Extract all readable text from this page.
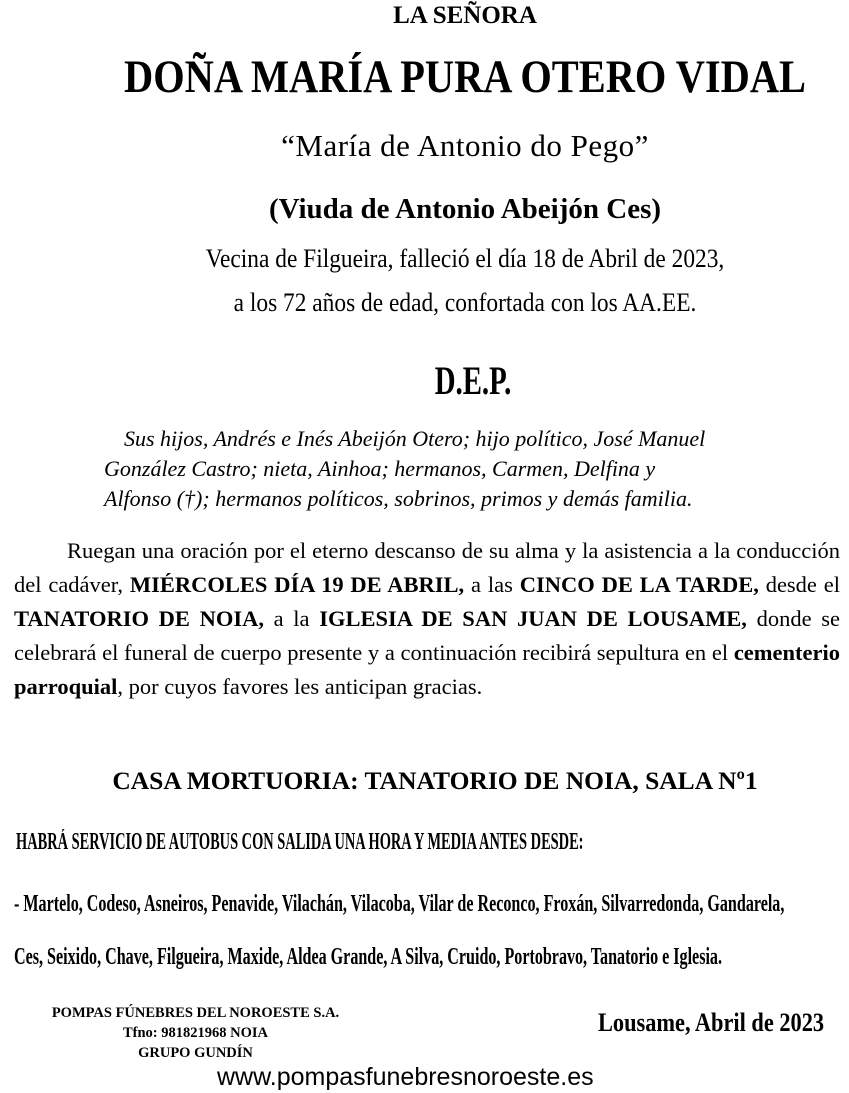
LA SEÑORA
DOÑA MARÍA PURA OTERO VIDAL
“María de Antonio do Pego”
(Viuda de Antonio Abeijón Ces)
Vecina de Filgueira, falleció el día 18 de Abril de 2023,
a los 72 años de edad, confortada con los AA.EE.
D.E.P.
Sus hijos, Andrés e Inés Abeijón Otero; hijo político, José Manuel
González Castro; nieta, Ainhoa; hermanos, Carmen, Delfina y
Alfonso (†); hermanos políticos, sobrinos, primos y demás familia.
Ruegan una oración por el eterno descanso de su alma y la asistencia a la conducción del cadáver, MIÉRCOLES DÍA 19 DE ABRIL, a las CINCO DE LA TARDE, desde el TANATORIO DE NOIA, a la IGLESIA DE SAN JUAN DE LOUSAME, donde se celebrará el funeral de cuerpo presente y a continuación recibirá sepultura en el cementerio parroquial, por cuyos favores les anticipan gracias.
CASA MORTUORIA: TANATORIO DE NOIA, SALA Nº1
HABRÁ SERVICIO DE AUTOBUS CON SALIDA UNA HORA Y MEDIA ANTES DESDE:
- Martelo, Codeso, Asneiros, Penavide, Vilachán, Vilacoba, Vilar de Reconco, Froxán, Silvarredonda, Gandarela,
Ces, Seixido, Chave, Filgueira, Maxide, Aldea Grande, A Silva, Cruido, Portobravo, Tanatorio e Iglesia.
POMPAS FÚNEBRES DEL NOROESTE S.A.
Tfno: 981821968 NOIA
GRUPO GUNDÍN
Lousame, Abril de 2023
www.pompasfunebresnoroeste.es
